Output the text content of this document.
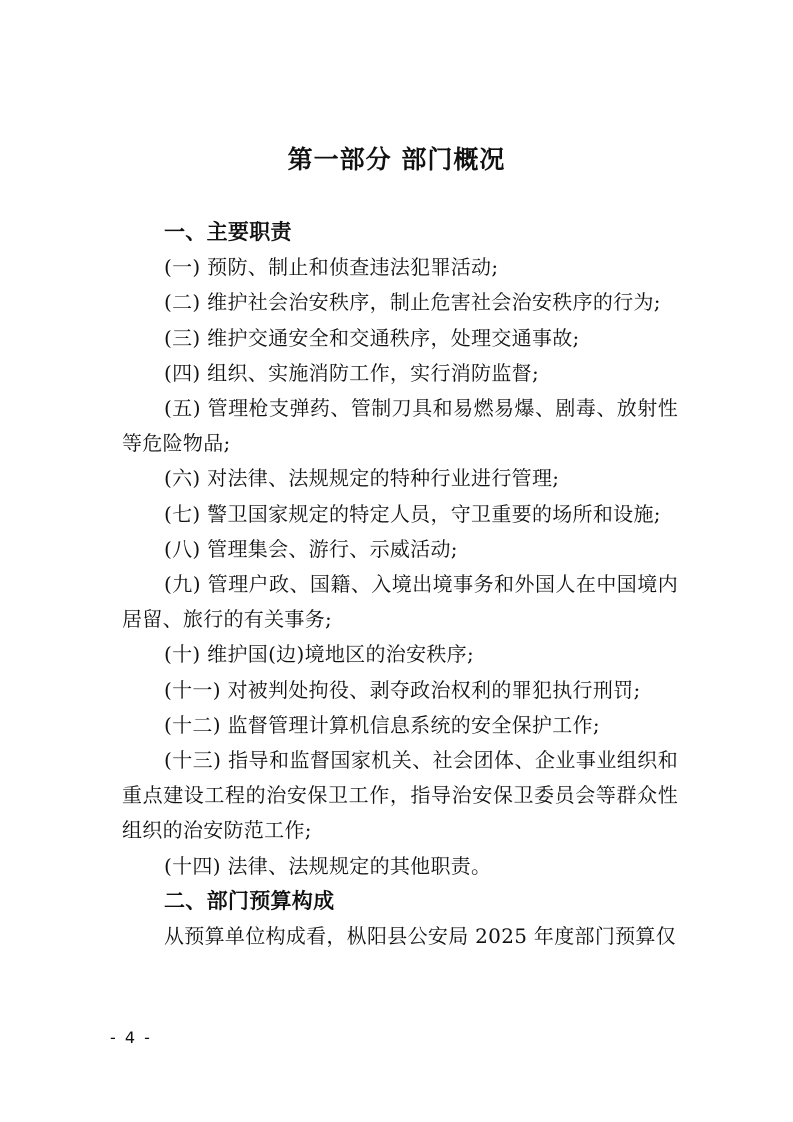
第一部分 部门概况
一、主要职责

(一) 预防、制止和侦查违法犯罪活动;

(二) 维护社会治安秩序，制止危害社会治安秩序的行为;

(三) 维护交通安全和交通秩序，处理交通事故;

(四) 组织、实施消防工作，实行消防监督;

(五) 管理枪支弹药、管制刀具和易燃易爆、剧毒、放射性等危险物品;

(六) 对法律、法规规定的特种行业进行管理;

(七) 警卫国家规定的特定人员，守卫重要的场所和设施;

(八) 管理集会、游行、示威活动;

(九) 管理户政、国籍、入境出境事务和外国人在中国境内居留、旅行的有关事务;

(十) 维护国(边)境地区的治安秩序;

(十一) 对被判处拘役、剥夺政治权利的罪犯执行刑罚;

(十二) 监督管理计算机信息系统的安全保护工作;

(十三) 指导和监督国家机关、社会团体、企业事业组织和重点建设工程的治安保卫工作，指导治安保卫委员会等群众性组织的治安防范工作;

(十四) 法律、法规规定的其他职责。

二、部门预算构成

从预算单位构成看，枞阳县公安局 2025 年度部门预算仅

- 4 -
